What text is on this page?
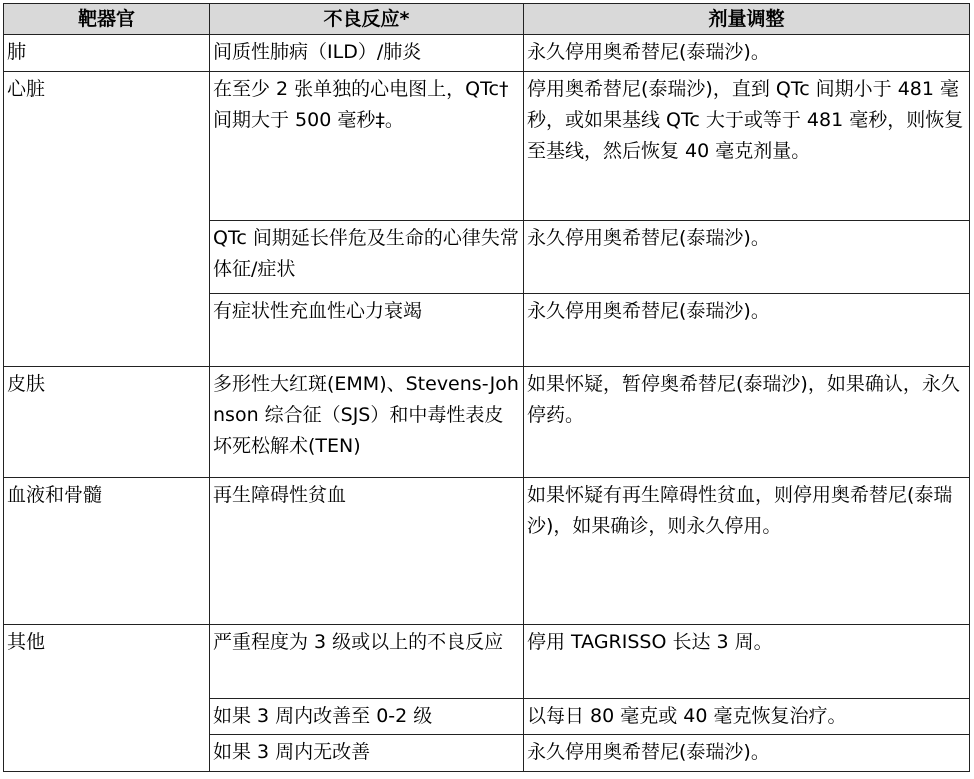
靶器官	不良反应*	剂量调整
肺	间质性肺病（ILD）/肺炎	永久停用奥希替尼(泰瑞沙)。
心脏	在至少 2 张单独的心电图上，QTc†间期大于 500 毫秒‡。	停用奥希替尼(泰瑞沙)，直到 QTc 间期小于 481 毫秒，或如果基线 QTc 大于或等于 481 毫秒，则恢复至基线，然后恢复 40 毫克剂量。
	QTc 间期延长伴危及生命的心律失常体征/症状	永久停用奥希替尼(泰瑞沙)。
	有症状性充血性心力衰竭	永久停用奥希替尼(泰瑞沙)。
皮肤	多形性大红斑(EMM)、Stevens-Johnson 综合征（SJS）和中毒性表皮坏死松解术(TEN)	如果怀疑，暂停奥希替尼(泰瑞沙)，如果确认，永久停药。
血液和骨髓	再生障碍性贫血	如果怀疑有再生障碍性贫血，则停用奥希替尼(泰瑞沙)，如果确诊，则永久停用。
其他	严重程度为 3 级或以上的不良反应	停用 TAGRISSO 长达 3 周。
	如果 3 周内改善至 0-2 级	以每日 80 毫克或 40 毫克恢复治疗。
	如果 3 周内无改善	永久停用奥希替尼(泰瑞沙)。
